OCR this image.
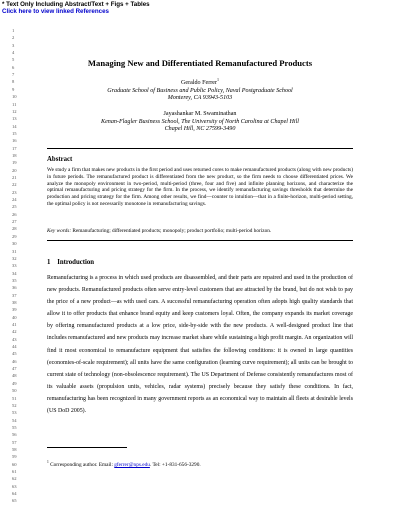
* Text Only Including Abstract/Text + Figs + Tables
Click here to view linked References
1
2
3
4
5
6
7
8
9
10
11
12
13
14
15
16
17
18
19
20
21
22
23
24
25
26
27
28
29
30
31
32
33
34
35
36
37
38
39
40
41
42
43
44
45
46
47
48
49
50
51
52
53
54
55
56
57
58
59
60
61
62
63
64
65
Managing New and Differentiated Remanufactured Products
Geraldo Ferrer$^1$
Graduate School of Business and Public Policy, Naval Postgraduate School
Monterey, CA 93943-5103
Jayashankar M. Swaminathan
Kenan-Flagler Business School, The University of North Carolina at Chapel Hill
Chapel Hill, NC 27599-3490
Abstract
We study a firm that makes new products in the first period and uses returned cores to make remanufactured products (along with new products) in future periods. The remanufactured product is differentiated from the new product, so the firm needs to choose differentiated prices. We analyze the monopoly environment in two-period, multi-period (three, four and five) and infinite planning horizons, and characterize the optimal remanufacturing and pricing strategy for the firm. In the process, we identify remanufacturing savings thresholds that determine the production and pricing strategy for the firm. Among other results, we find—counter to intuition—that in a finite-horizon, multi-period setting, the optimal policy is not necessarily monotone in remanufacturing savings.
Key words: Remanufacturing; differentiated products; monopoly; product portfolio; multi-period horizon.
1    Introduction
Remanufacturing is a process in which used products are disassembled, and their parts are repaired and used in the production of new products. Remanufactured products often serve entry-level customers that are attracted by the brand, but do not wish to pay the price of a new product—as with used cars. A successful remanufacturing operation often adopts high quality standards that allow it to offer products that enhance brand equity and keep customers loyal. Often, the company expands its market coverage by offering remanufactured products at a low price, side-by-side with the new products. A well-designed product line that includes remanufactured and new products may increase market share while sustaining a high profit margin. An organization will find it most economical to remanufacture equipment that satisfies the following conditions: it is owned in large quantities (economies-of-scale requirement); all units have the same configuration (learning curve requirement); all units can be brought to current state of technology (non-obsolescence requirement). The US Department of Defense consistently remanufactures most of its valuable assets (propulsion units, vehicles, radar systems) precisely because they satisfy these conditions. In fact, remanufacturing has been recognized in many government reports as an economical way to maintain all fleets at desirable levels (US DoD 2005).
$^1$ Corresponding author. Email: gferrer@nps.edu. Tel: +1-831-656-3290.
